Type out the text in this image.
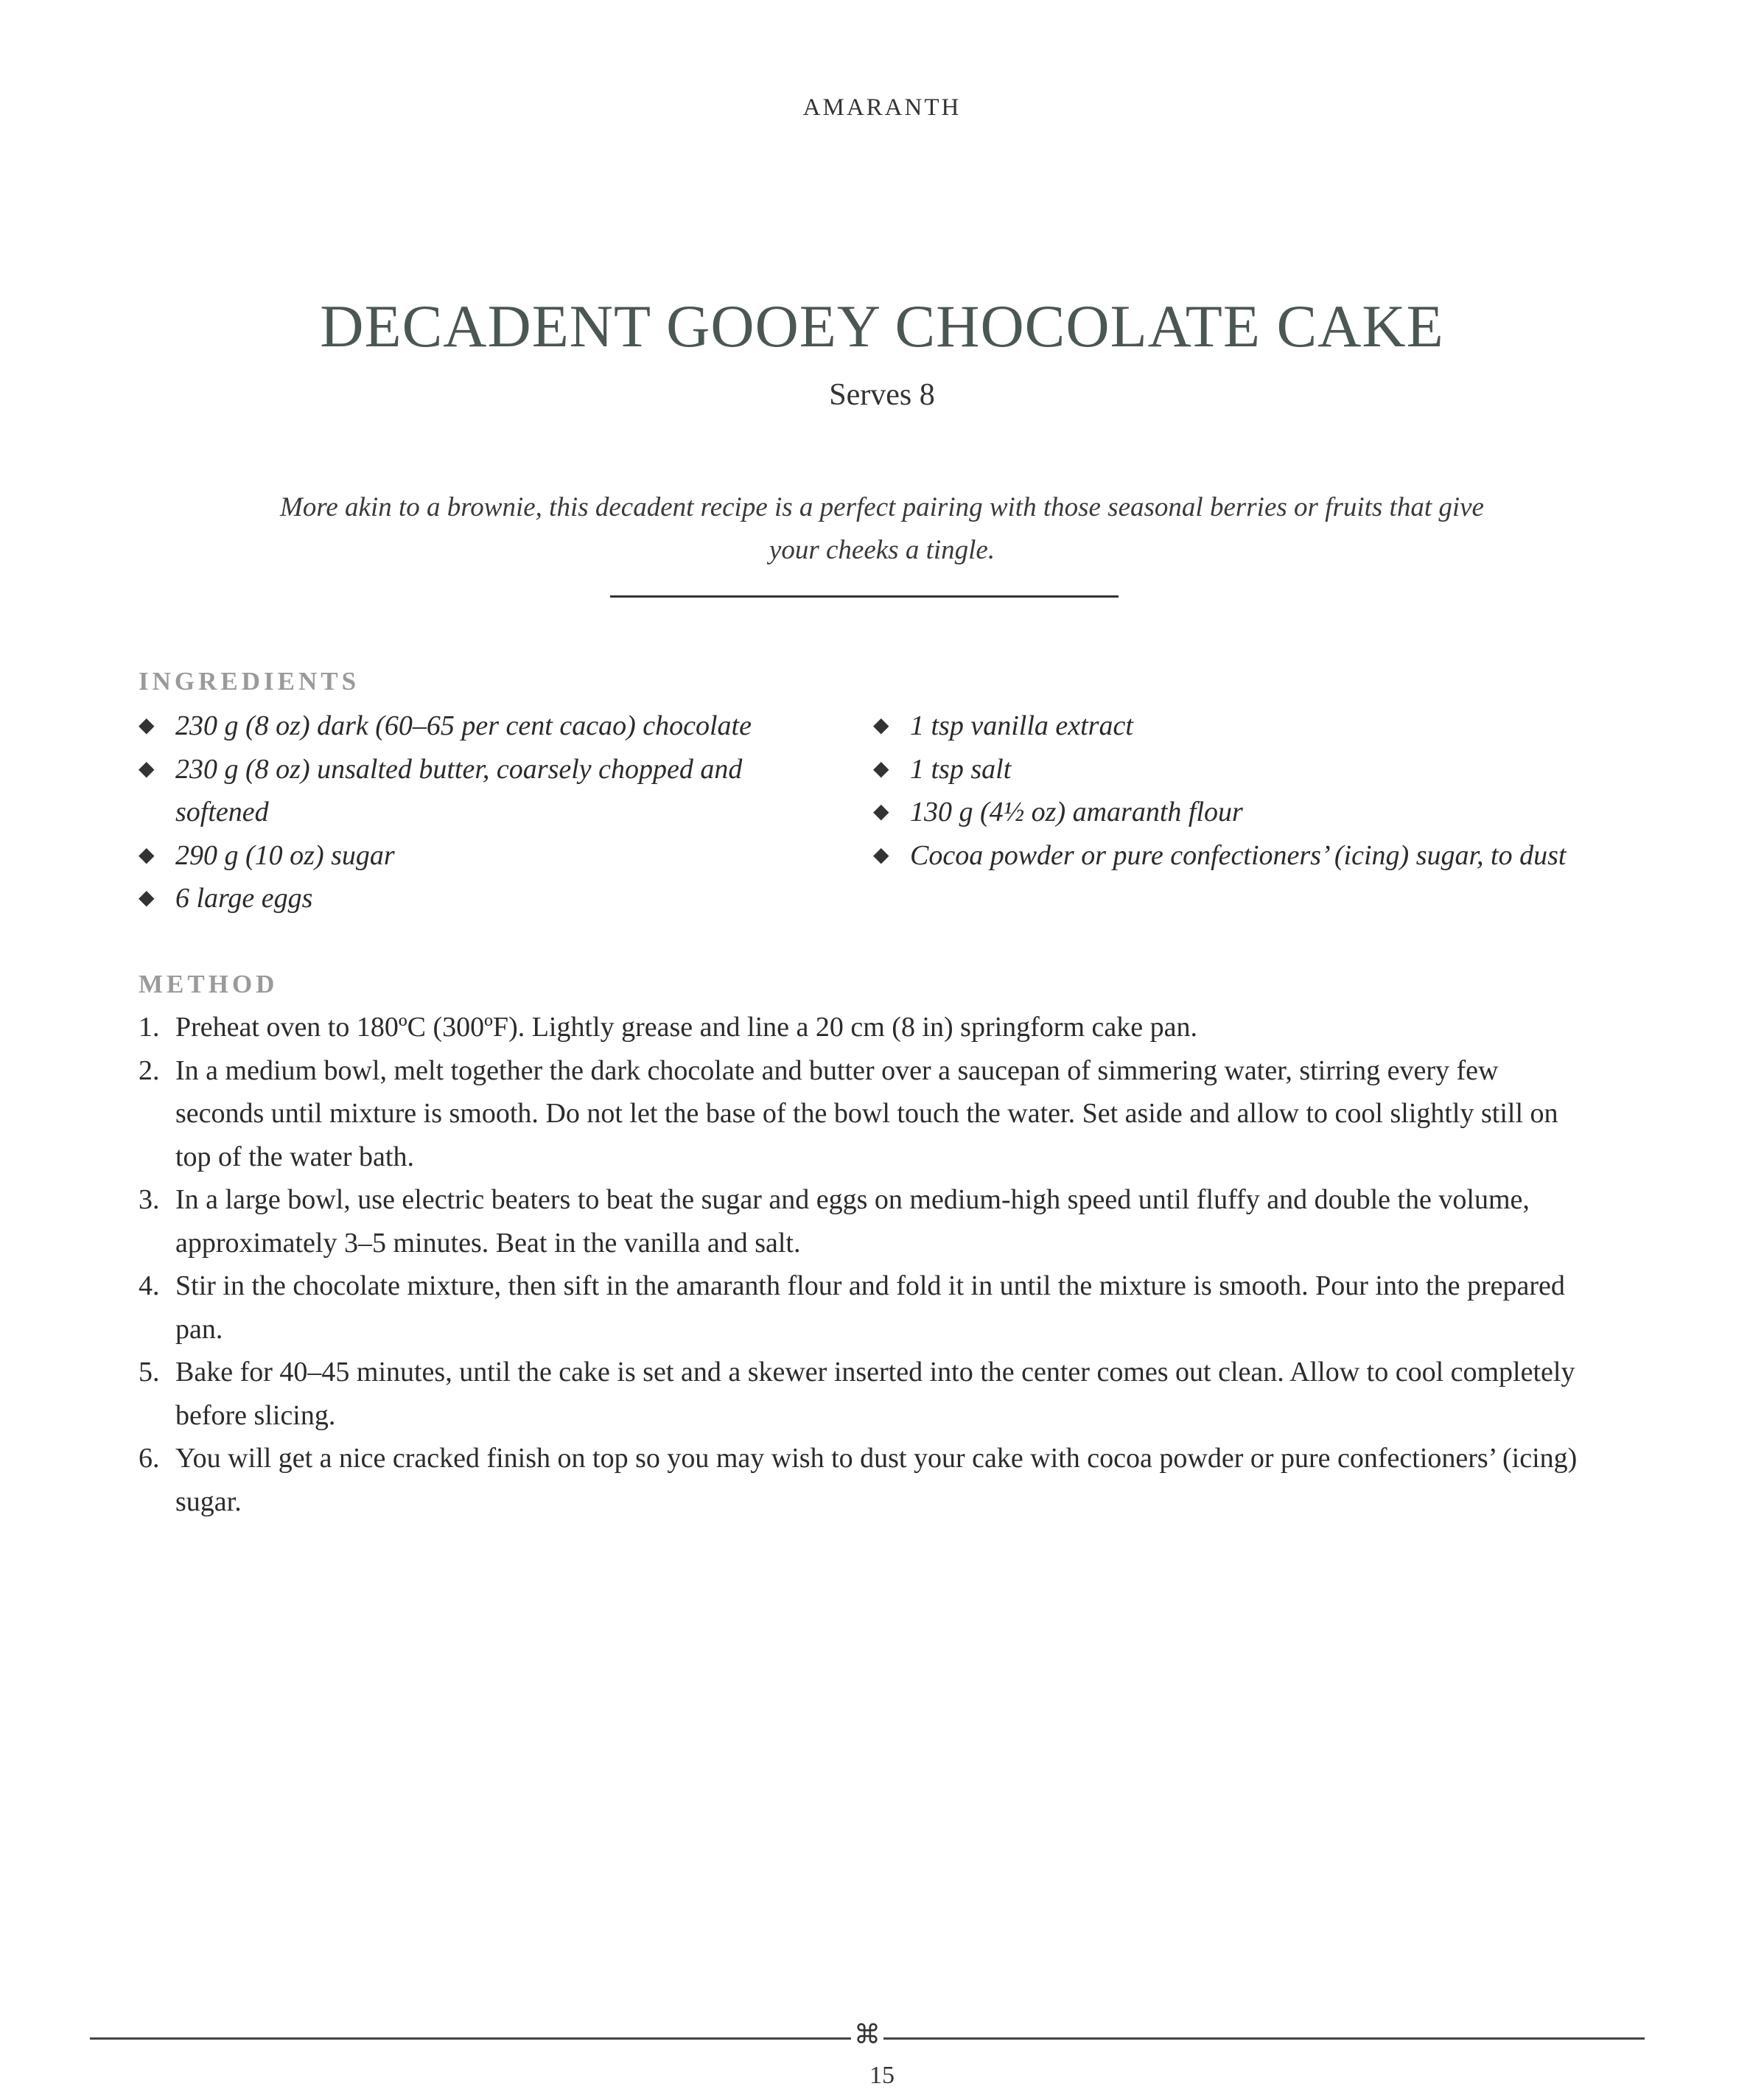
AMARANTH
DECADENT GOOEY CHOCOLATE CAKE
Serves 8
More akin to a brownie, this decadent recipe is a perfect pairing with those seasonal berries or fruits that give your cheeks a tingle.
INGREDIENTS
◆ 230 g (8 oz) dark (60–65 per cent cacao) chocolate
◆ 230 g (8 oz) unsalted butter, coarsely chopped and softened
◆ 290 g (10 oz) sugar
◆ 6 large eggs
◆ 1 tsp vanilla extract
◆ 1 tsp salt
◆ 130 g (4½ oz) amaranth flour
◆ Cocoa powder or pure confectioners’ (icing) sugar, to dust
METHOD
1. Preheat oven to 180ºC (300ºF). Lightly grease and line a 20 cm (8 in) springform cake pan.
2. In a medium bowl, melt together the dark chocolate and butter over a saucepan of simmering water, stirring every few seconds until mixture is smooth. Do not let the base of the bowl touch the water. Set aside and allow to cool slightly still on top of the water bath.
3. In a large bowl, use electric beaters to beat the sugar and eggs on medium-high speed until fluffy and double the volume, approximately 3–5 minutes. Beat in the vanilla and salt.
4. Stir in the chocolate mixture, then sift in the amaranth flour and fold it in until the mixture is smooth. Pour into the prepared pan.
5. Bake for 40–45 minutes, until the cake is set and a skewer inserted into the center comes out clean. Allow to cool completely before slicing.
6. You will get a nice cracked finish on top so you may wish to dust your cake with cocoa powder or pure confectioners’ (icing) sugar.
⌘
15
